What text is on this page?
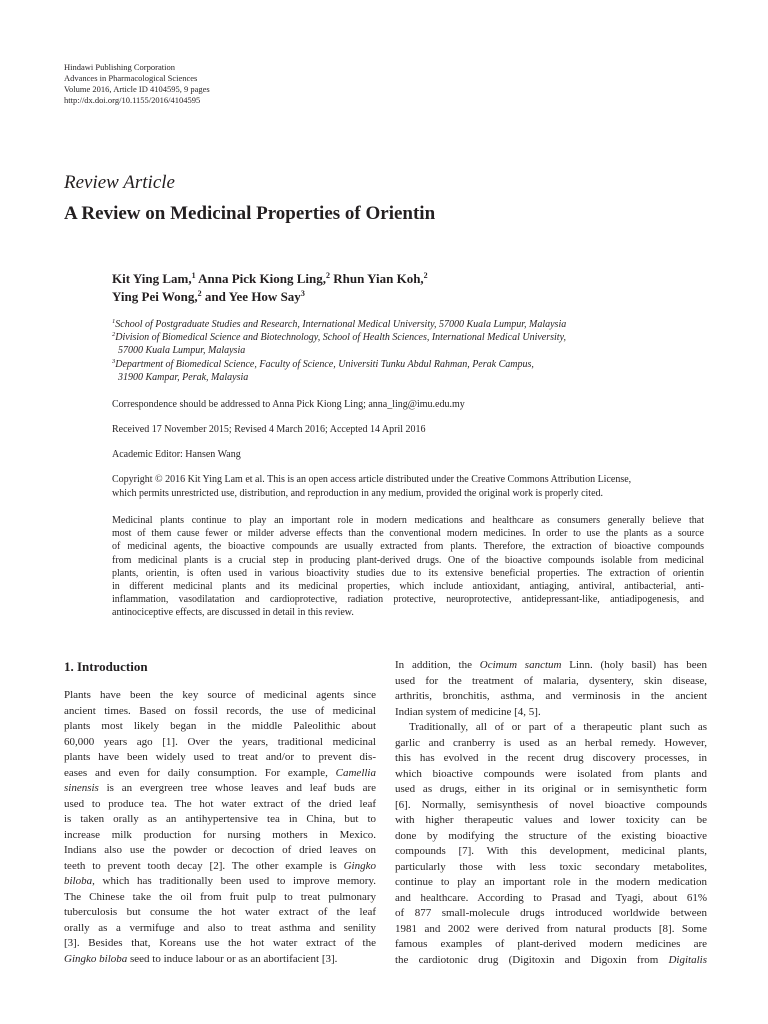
Hindawi Publishing Corporation
Advances in Pharmacological Sciences
Volume 2016, Article ID 4104595, 9 pages
http://dx.doi.org/10.1155/2016/4104595
Review Article
A Review on Medicinal Properties of Orientin
Kit Ying Lam,$^1$ Anna Pick Kiong Ling,$^2$ Rhun Yian Koh,$^2$
Ying Pei Wong,$^2$ and Yee How Say$^3$
$^1$School of Postgraduate Studies and Research, International Medical University, 57000 Kuala Lumpur, Malaysia
$^2$Division of Biomedical Science and Biotechnology, School of Health Sciences, International Medical University,
57000 Kuala Lumpur, Malaysia
$^3$Department of Biomedical Science, Faculty of Science, Universiti Tunku Abdul Rahman, Perak Campus,
31900 Kampar, Perak, Malaysia
Correspondence should be addressed to Anna Pick Kiong Ling; anna_ling@imu.edu.my
Received 17 November 2015; Revised 4 March 2016; Accepted 14 April 2016
Academic Editor: Hansen Wang
Copyright © 2016 Kit Ying Lam et al. This is an open access article distributed under the Creative Commons Attribution License,
which permits unrestricted use, distribution, and reproduction in any medium, provided the original work is properly cited.
Medicinal plants continue to play an important role in modern medications and healthcare as consumers generally believe that
most of them cause fewer or milder adverse effects than the conventional modern medicines. In order to use the plants as a source
of medicinal agents, the bioactive compounds are usually extracted from plants. Therefore, the extraction of bioactive compounds
from medicinal plants is a crucial step in producing plant-derived drugs. One of the bioactive compounds isolable from medicinal
plants, orientin, is often used in various bioactivity studies due to its extensive beneficial properties. The extraction of orientin
in different medicinal plants and its medicinal properties, which include antioxidant, antiaging, antiviral, antibacterial, anti-
inflammation, vasodilatation and cardioprotective, radiation protective, neuroprotective, antidepressant-like, antiadipogenesis, and
antinociceptive effects, are discussed in detail in this review.
1. Introduction
Plants have been the key source of medicinal agents since
ancient times. Based on fossil records, the use of medicinal
plants most likely began in the middle Paleolithic about
60,000 years ago [1]. Over the years, traditional medicinal
plants have been widely used to treat and/or to prevent dis-
eases and even for daily consumption. For example, Camellia
sinensis is an evergreen tree whose leaves and leaf buds are
used to produce tea. The hot water extract of the dried leaf
is taken orally as an antihypertensive tea in China, but to
increase milk production for nursing mothers in Mexico.
Indians also use the powder or decoction of dried leaves on
teeth to prevent tooth decay [2]. The other example is Gingko
biloba, which has traditionally been used to improve memory.
The Chinese take the oil from fruit pulp to treat pulmonary
tuberculosis but consume the hot water extract of the leaf
orally as a vermifuge and also to treat asthma and senility
[3]. Besides that, Koreans use the hot water extract of the
Gingko biloba seed to induce labour or as an abortifacient [3].
In addition, the Ocimum sanctum Linn. (holy basil) has been
used for the treatment of malaria, dysentery, skin disease,
arthritis, bronchitis, asthma, and verminosis in the ancient
Indian system of medicine [4, 5].
Traditionally, all of or part of a therapeutic plant such as
garlic and cranberry is used as an herbal remedy. However,
this has evolved in the recent drug discovery processes, in
which bioactive compounds were isolated from plants and
used as drugs, either in its original or in semisynthetic form
[6]. Normally, semisynthesis of novel bioactive compounds
with higher therapeutic values and lower toxicity can be
done by modifying the structure of the existing bioactive
compounds [7]. With this development, medicinal plants,
particularly those with less toxic secondary metabolites,
continue to play an important role in the modern medication
and healthcare. According to Prasad and Tyagi, about 61%
of 877 small-molecule drugs introduced worldwide between
1981 and 2002 were derived from natural products [8]. Some
famous examples of plant-derived modern medicines are
the cardiotonic drug (Digitoxin and Digoxin from Digitalis
